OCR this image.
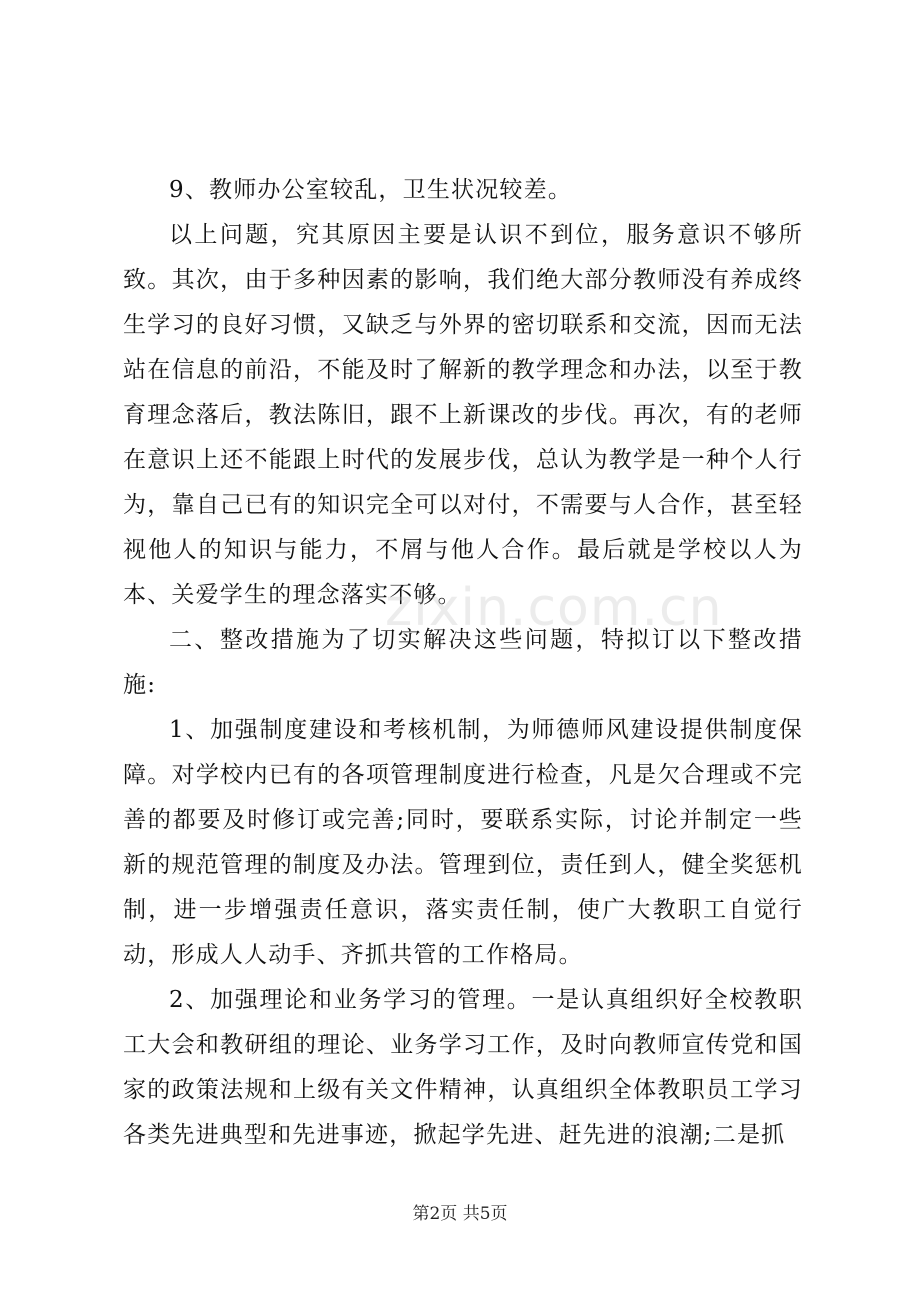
9、教师办公室较乱，卫生状况较差。

以上问题，究其原因主要是认识不到位，服务意识不够所致。其次，由于多种因素的影响，我们绝大部分教师没有养成终生学习的良好习惯，又缺乏与外界的密切联系和交流，因而无法站在信息的前沿，不能及时了解新的教学理念和办法，以至于教育理念落后，教法陈旧，跟不上新课改的步伐。再次，有的老师在意识上还不能跟上时代的发展步伐，总认为教学是一种个人行为，靠自己已有的知识完全可以对付，不需要与人合作，甚至轻视他人的知识与能力，不屑与他人合作。最后就是学校以人为本、关爱学生的理念落实不够。

二、整改措施为了切实解决这些问题，特拟订以下整改措施:

1、加强制度建设和考核机制，为师德师风建设提供制度保障。对学校内已有的各项管理制度进行检查，凡是欠合理或不完善的都要及时修订或完善;同时，要联系实际，讨论并制定一些新的规范管理的制度及办法。管理到位，责任到人，健全奖惩机制，进一步增强责任意识，落实责任制，使广大教职工自觉行动，形成人人动手、齐抓共管的工作格局。

2、加强理论和业务学习的管理。一是认真组织好全校教职工大会和教研组的理论、业务学习工作，及时向教师宣传党和国家的政策法规和上级有关文件精神，认真组织全体教职员工学习各类先进典型和先进事迹，掀起学先进、赶先进的浪潮;二是抓

zixin.com.cn
第2页 共5页
